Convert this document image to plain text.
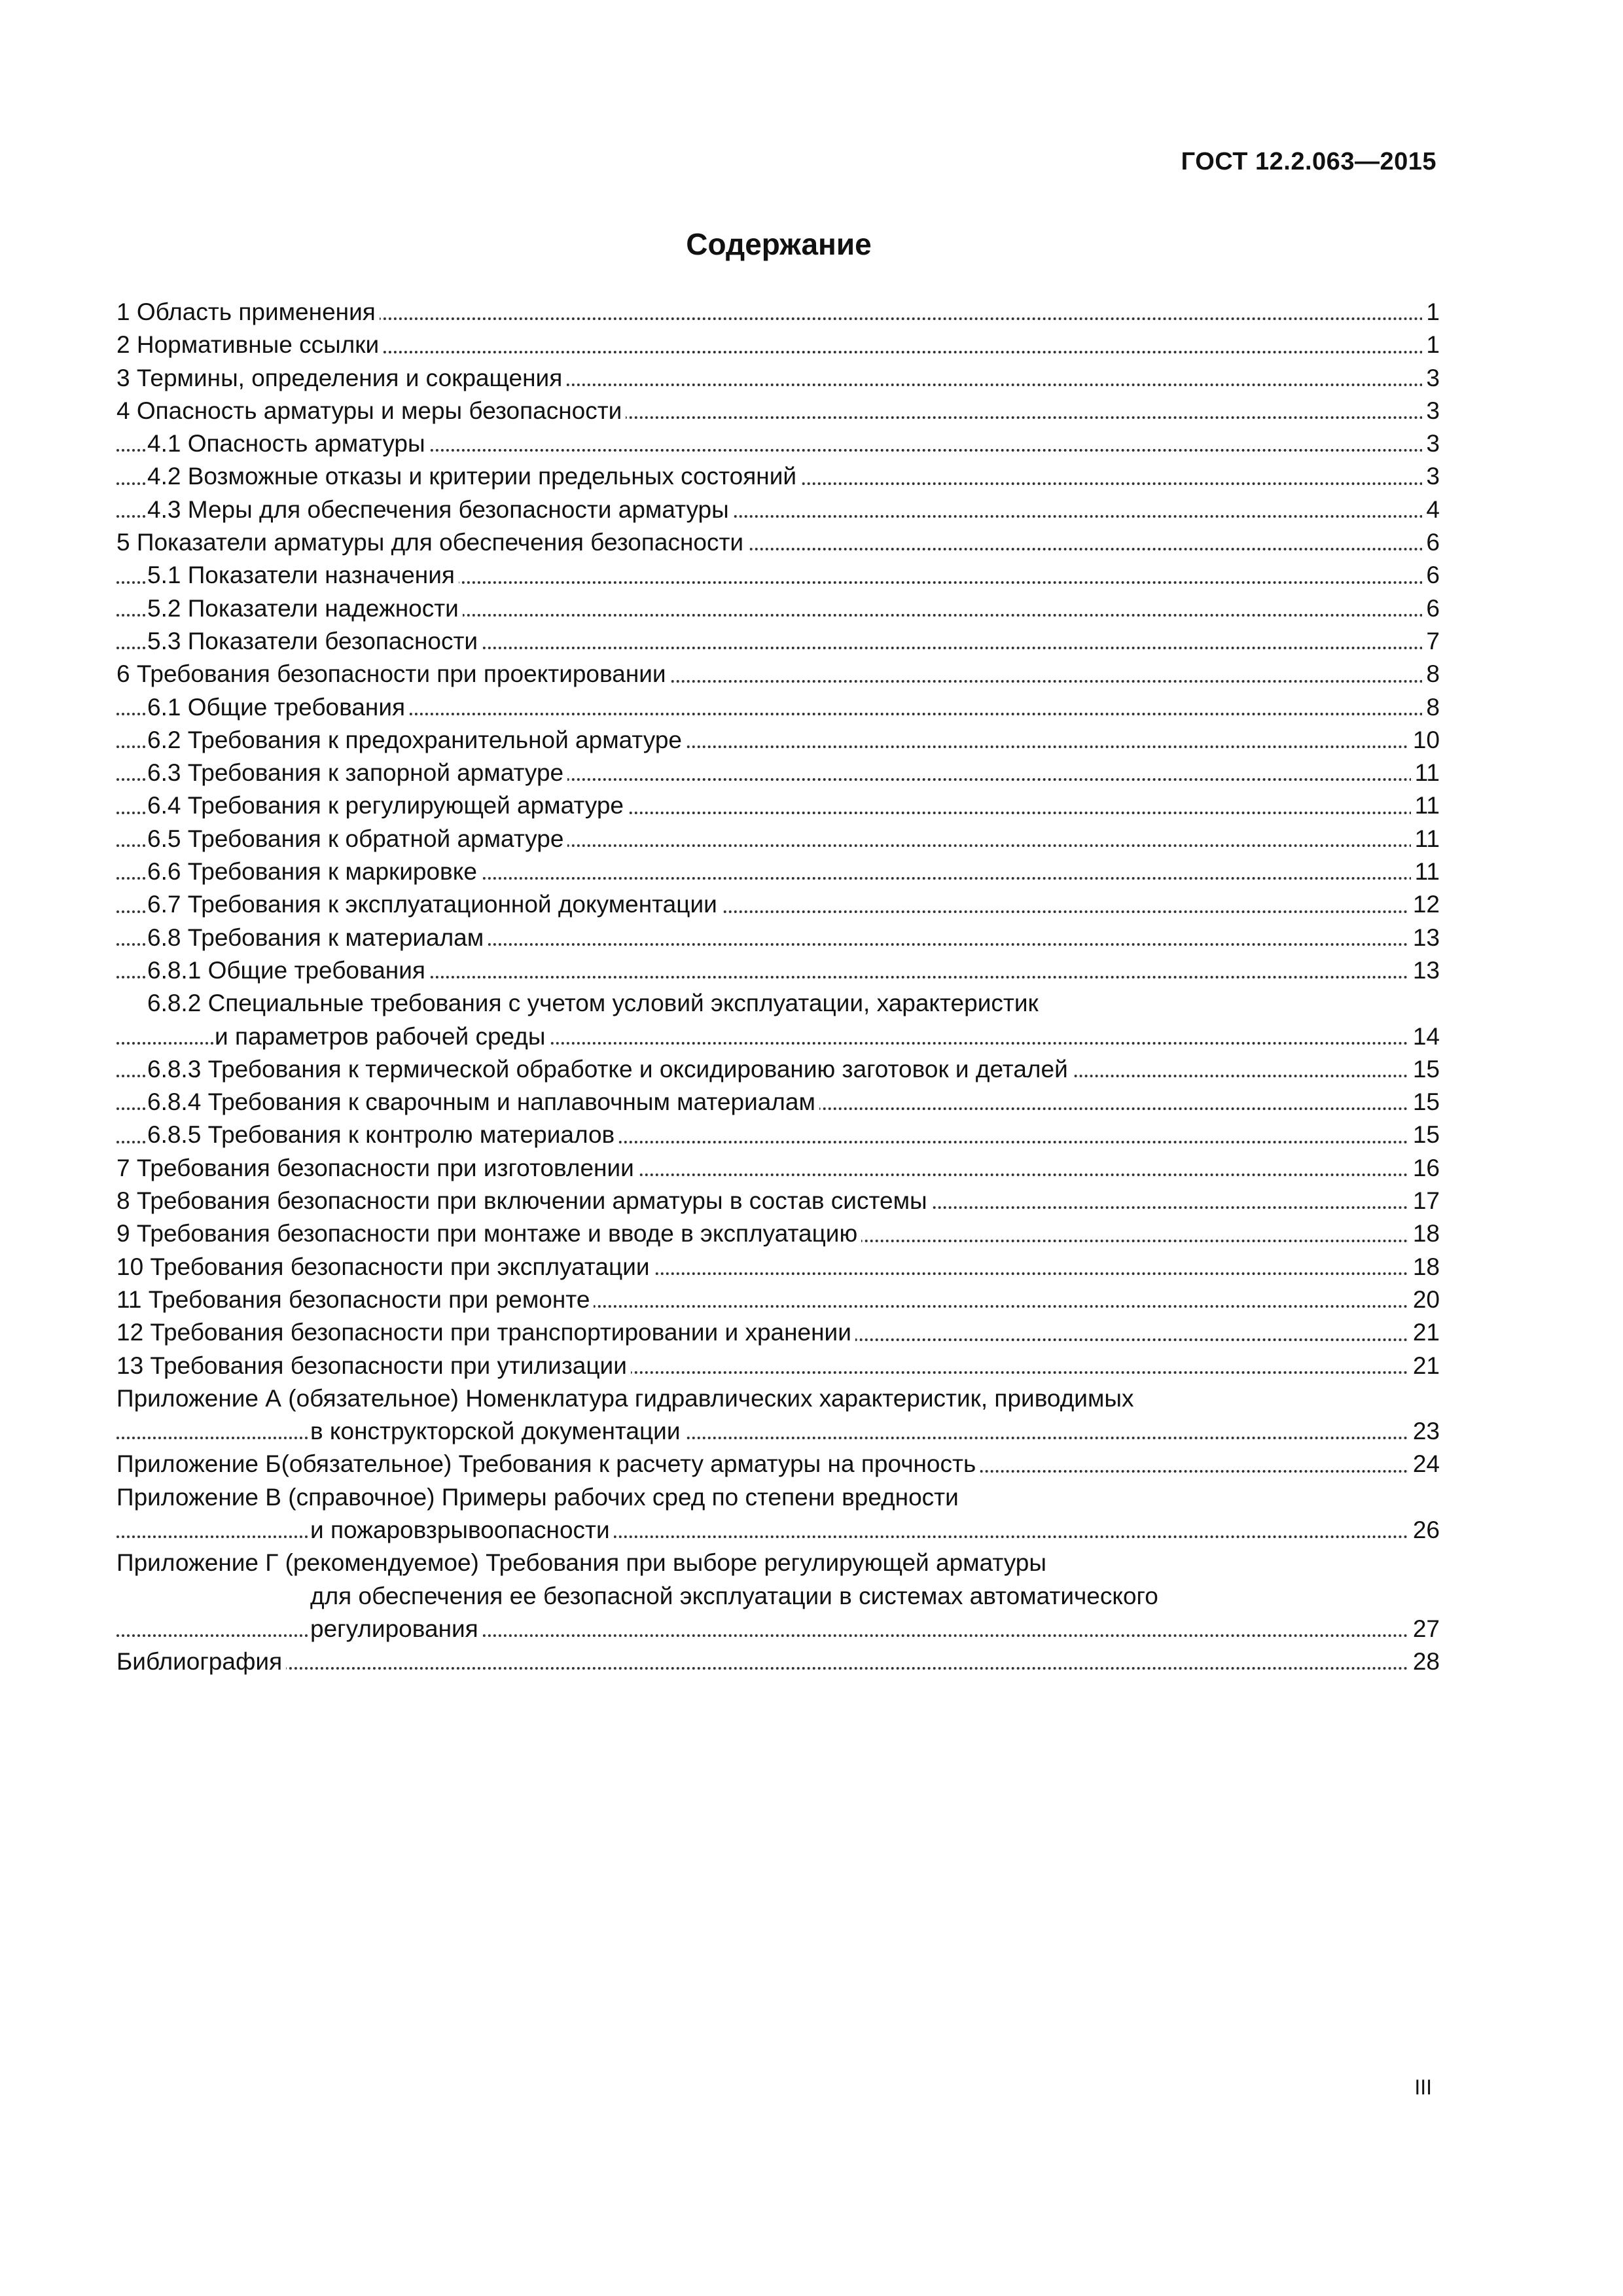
ГОСТ 12.2.063—2015
Содержание
1 Область применения	1
2 Нормативные ссылки	1
3 Термины, определения и сокращения	3
4 Опасность арматуры и меры безопасности	3
4.1 Опасность арматуры	3
4.2 Возможные отказы и критерии предельных состояний	3
4.3 Меры для обеспечения безопасности арматуры	4
5 Показатели арматуры для обеспечения безопасности	6
5.1 Показатели назначения	6
5.2 Показатели надежности	6
5.3 Показатели безопасности	7
6 Требования безопасности при проектировании	8
6.1 Общие требования	8
6.2 Требования к предохранительной арматуре	10
6.3 Требования к запорной арматуре	11
6.4 Требования к регулирующей арматуре	11
6.5 Требования к обратной арматуре	11
6.6 Требования к маркировке	11
6.7 Требования к эксплуатационной документации	12
6.8 Требования к материалам	13
6.8.1 Общие требования	13
6.8.2 Специальные требования с учетом условий эксплуатации, характеристик
и параметров рабочей среды	14
6.8.3 Требования к термической обработке и оксидированию заготовок и деталей	15
6.8.4 Требования к сварочным и наплавочным материалам	15
6.8.5 Требования к контролю материалов	15
7 Требования безопасности при изготовлении	16
8 Требования безопасности при включении арматуры в состав системы	17
9 Требования безопасности при монтаже и вводе в эксплуатацию	18
10 Требования безопасности при эксплуатации	18
11 Требования безопасности при ремонте	20
12 Требования безопасности при транспортировании и хранении	21
13 Требования безопасности при утилизации	21
Приложение А (обязательное) Номенклатура гидравлических характеристик, приводимых
в конструкторской документации	23
Приложение Б(обязательное) Требования к расчету арматуры на прочность	24
Приложение В (справочное) Примеры рабочих сред по степени вредности
и пожаровзрывоопасности	26
Приложение Г (рекомендуемое) Требования при выборе регулирующей арматуры
для обеспечения ее безопасной эксплуатации в системах автоматического
регулирования	27
Библиография	28
III
